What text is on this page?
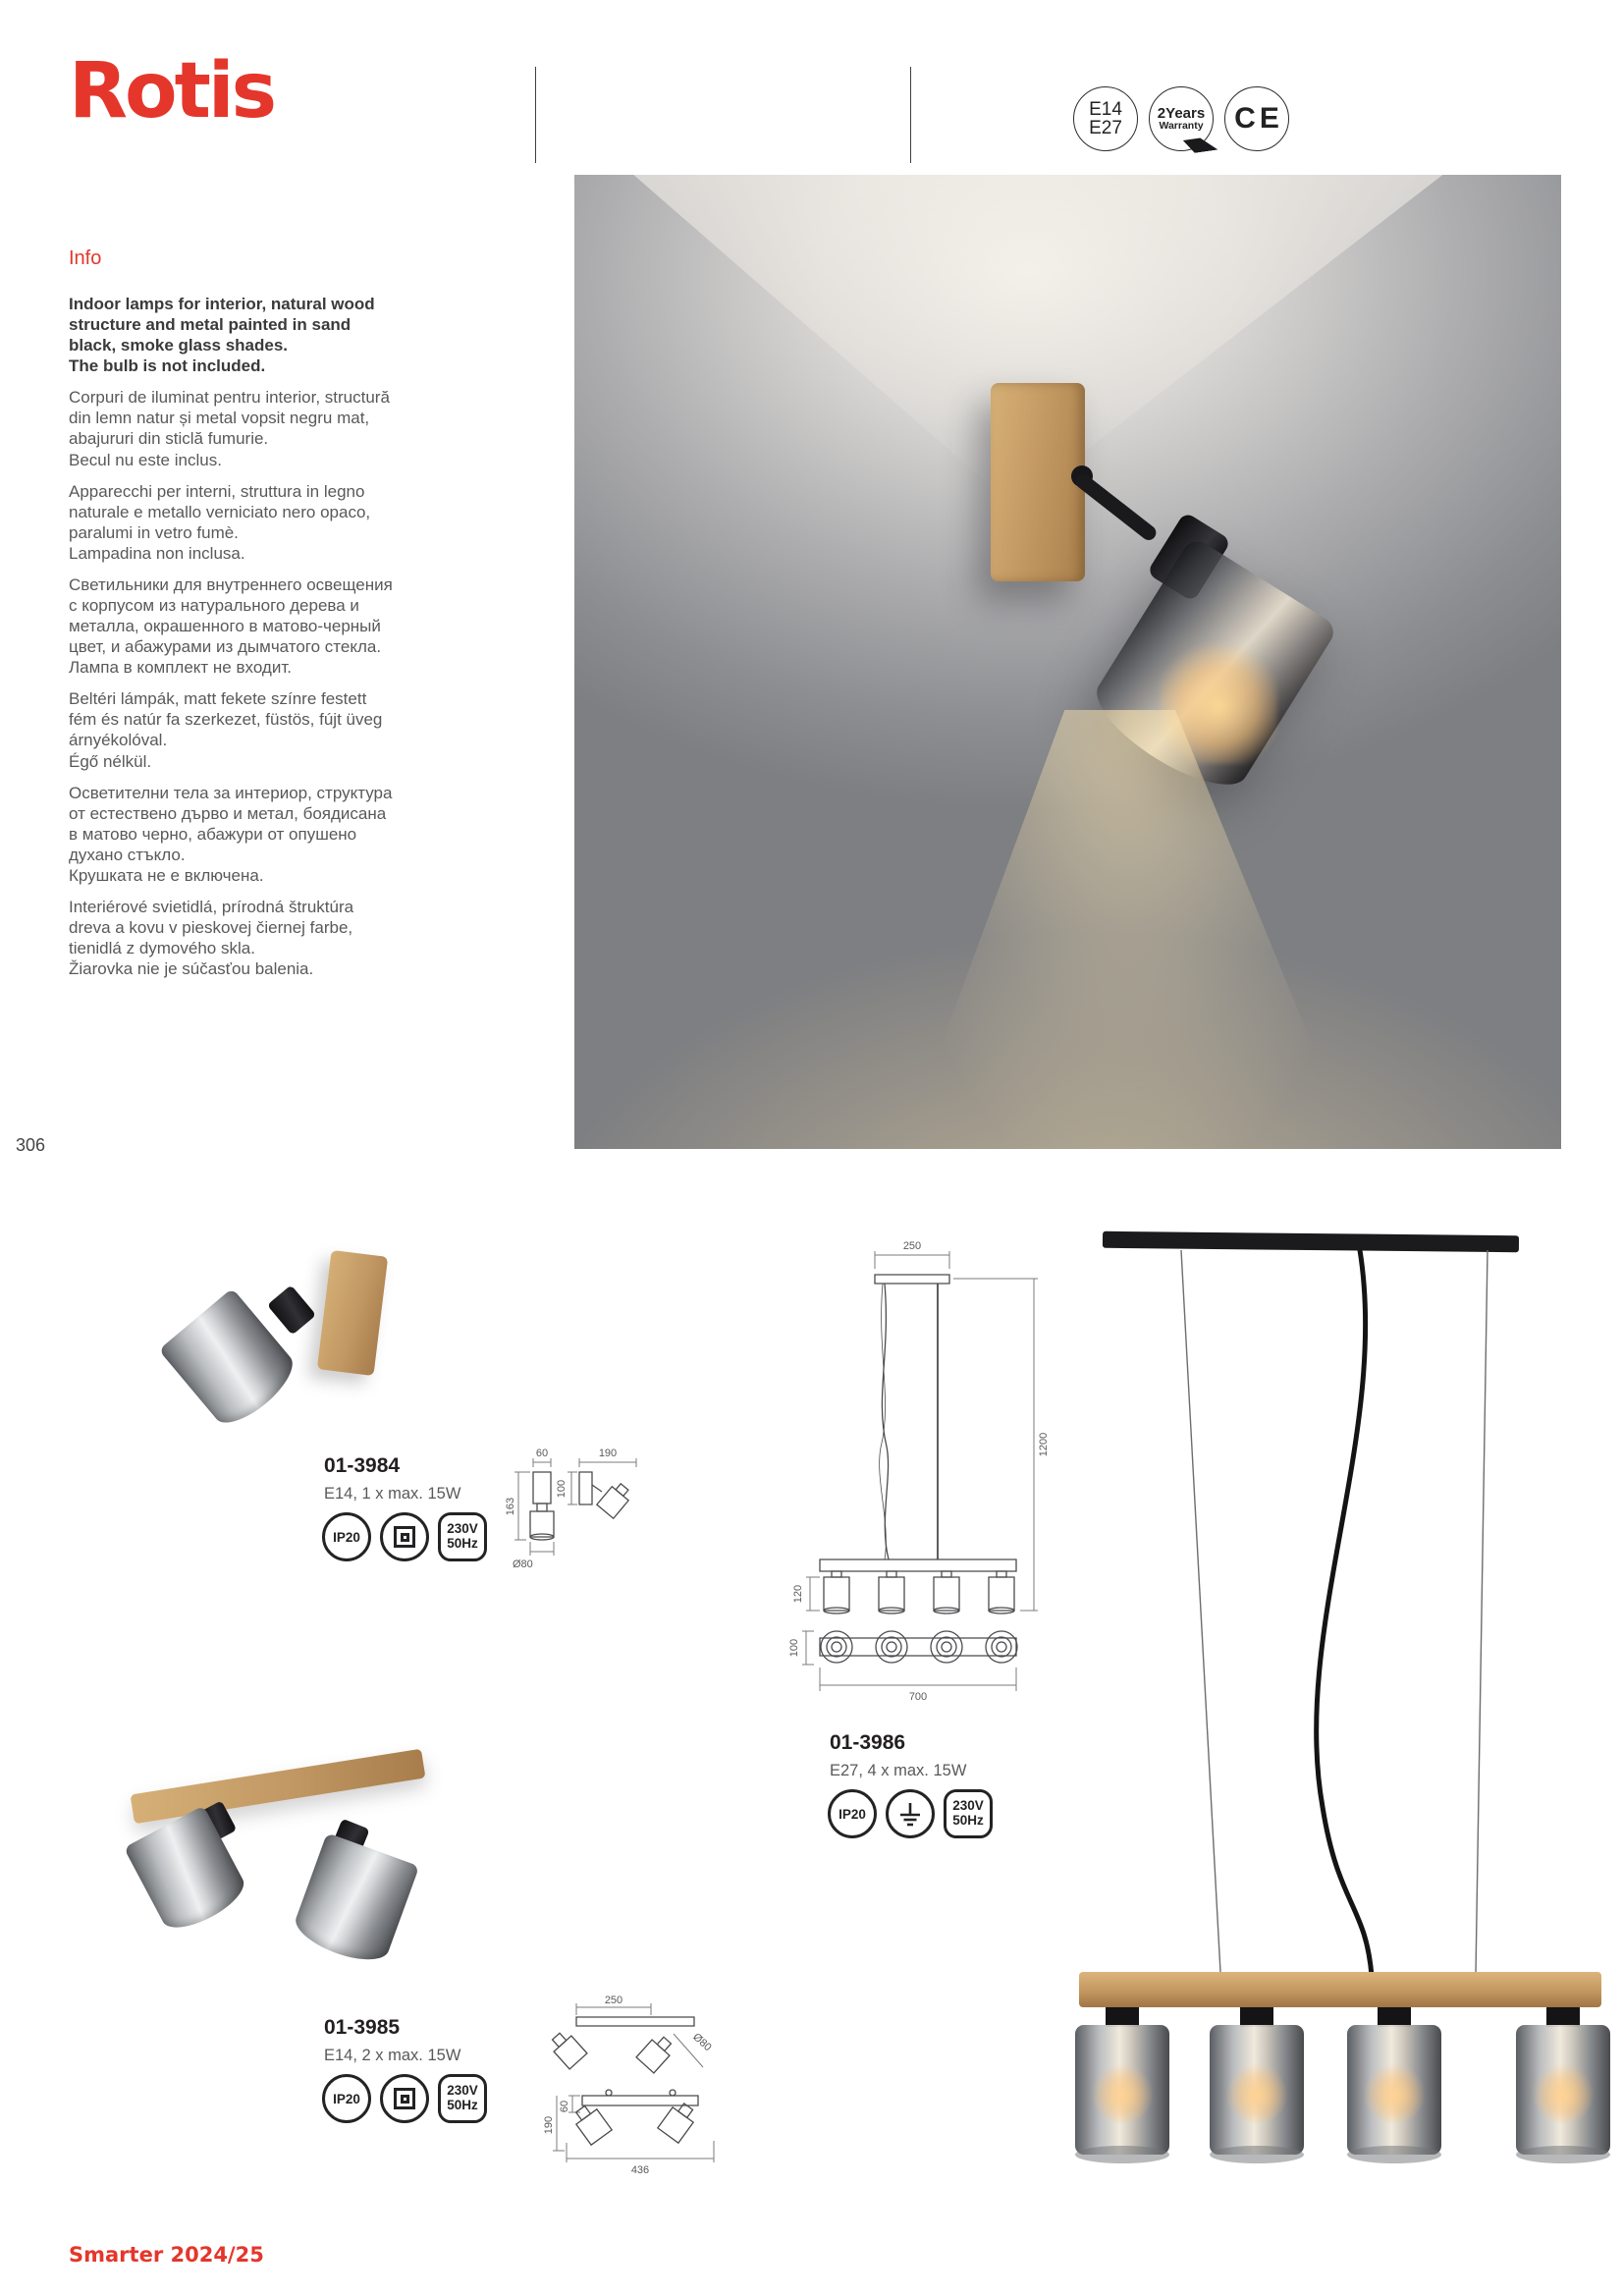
Rotis	E14
E27
2Years
Warranty	CE
Info

Indoor lamps for interior, natural wood structure and metal painted in sand black, smoke glass shades.
The bulb is not included.

Corpuri de iluminat pentru interior, structură din lemn natur și metal vopsit negru mat, abajururi din sticlă fumurie.
Becul nu este inclus.

Apparecchi per interni, struttura in legno naturale e metallo verniciato nero opaco, paralumi in vetro fumè.
Lampadina non inclusa.

Светильники для внутреннего освещения с корпусом из натурального дерева и металла, окрашенного в матово-черный цвет, и абажурами из дымчатого стекла.
Лампа в комплект не входит.

Beltéri lámpák, matt fekete színre festett fém és natúr fa szerkezet, füstös, fújt üveg árnyékolóval.
Égő nélkül.

Осветителни тела за интериор, структура от естествено дърво и метал, боядисана в матово черно, абажури от опушено духано стъкло.
Крушката не е включена.

Interiérové svietidlá, prírodná štruktúra dreva a kovu v pieskovej čiernej farbe, tienidlá z dymového skla.
Žiarovka nie je súčasťou balenia.

306
01-3984
E14, 1 x max. 15W
IP20
230V
50Hz
60
163
Ø80
190
100
01-3985
E14, 2 x max. 15W
IP20
230V
50Hz
250
Ø80
60
190
436
250
1200
120
100
700
01-3986
E27, 4 x max. 15W
IP20
230V
50Hz
Smarter 2024/25
